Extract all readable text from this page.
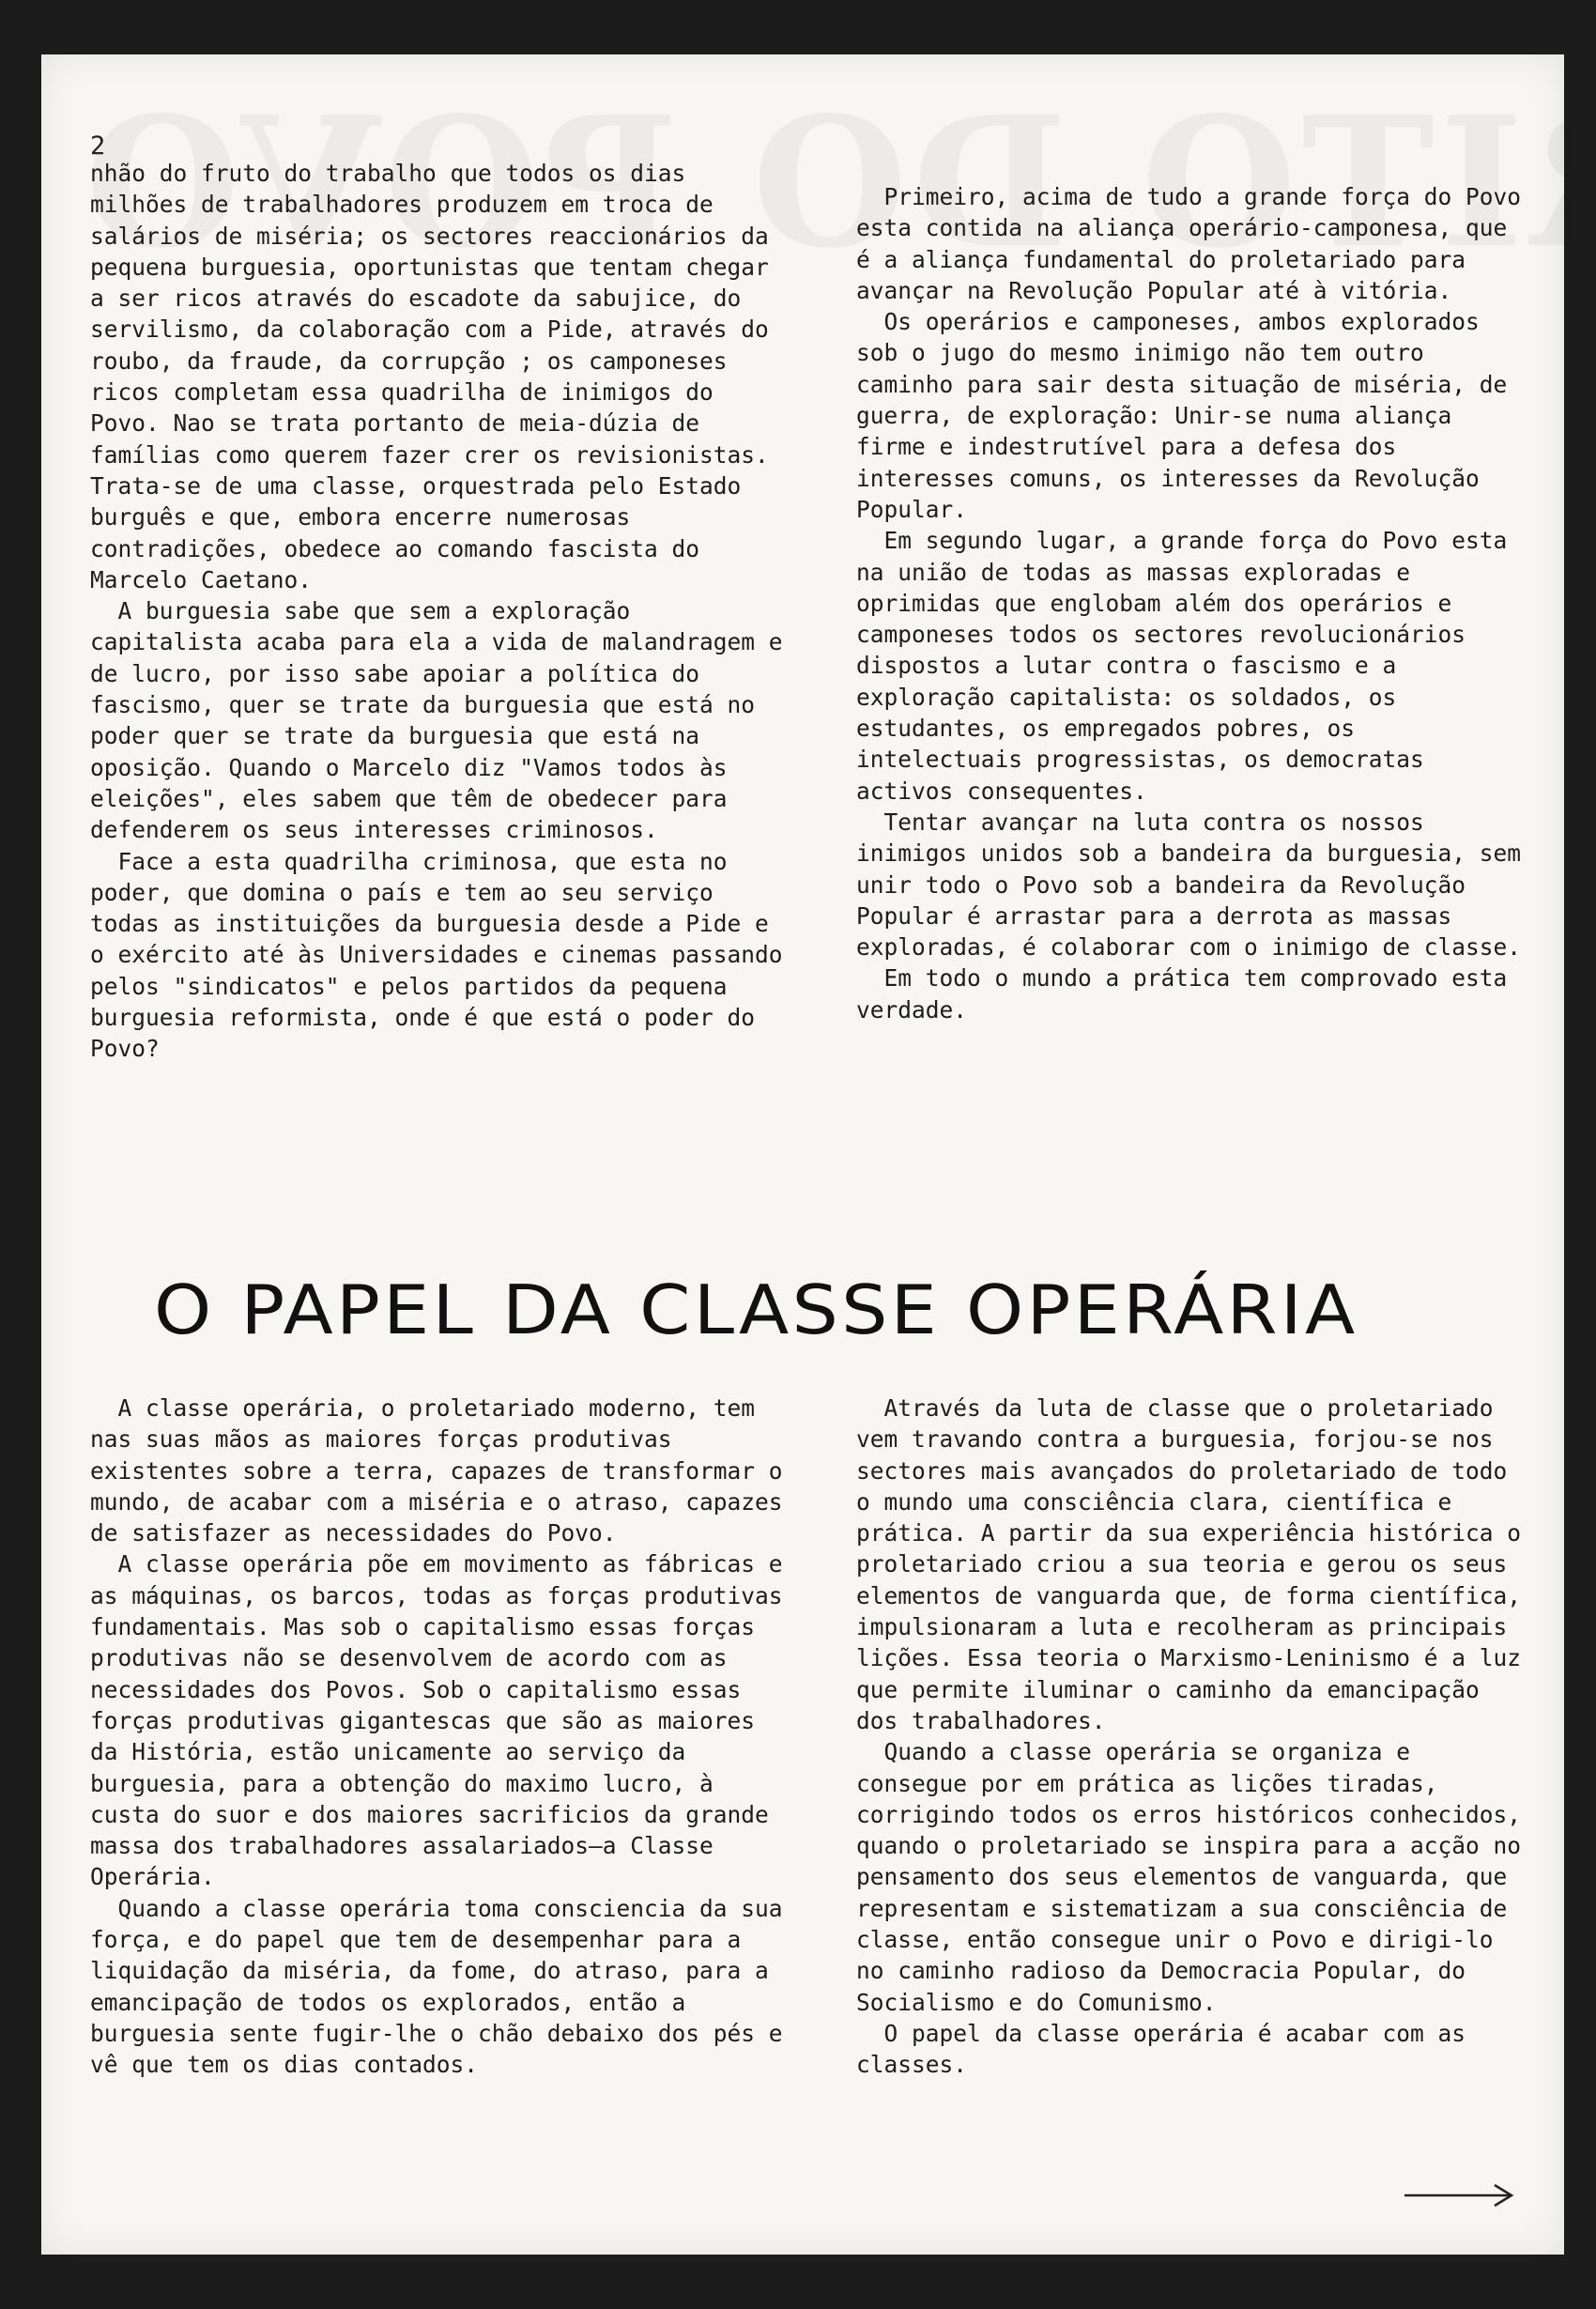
2

nhão do fruto do trabalho que todos os dias milhões de trabalhadores produzem em troca de salários de miséria; os sectores reaccionários da pequena burguesia, oportunistas que tentam chegar a ser ricos através do escadote da sabujice, do servilismo, da colaboração com a Pide, através do roubo, da fraude, da corrupção ; os camponeses ricos completam essa quadrilha de inimigos do Povo. Nao se trata portanto de meia-dúzia de famílias como querem fazer crer os revisionistas. Trata-se de uma classe, orquestrada pelo Estado burguês e que, embora encerre numerosas contradições, obedece ao comando fascista do Marcelo Caetano.

A burguesia sabe que sem a exploração capitalista acaba para ela a vida de malandragem e de lucro, por isso sabe apoiar a política do fascismo, quer se trate da burguesia que está no poder quer se trate da burguesia que está na oposição. Quando o Marcelo diz "Vamos todos às eleições", eles sabem que têm de obedecer para defenderem os seus interesses criminosos.

Face a esta quadrilha criminosa, que esta no poder, que domina o país e tem ao seu serviço todas as instituições da burguesia desde a Pide e o exército até às Universidades e cinemas passando pelos "sindicatos" e pelos partidos da pequena burguesia reformista, onde é que está o poder do Povo?

Primeiro, acima de tudo a grande força do Povo esta contida na aliança operário-camponesa, que é a aliança fundamental do proletariado para avançar na Revolução Popular até à vitória.

Os operários e camponeses, ambos explorados sob o jugo do mesmo inimigo não tem outro caminho para sair desta situação de miséria, de guerra, de exploração: Unir-se numa aliança firme e indestrutível para a defesa dos interesses comuns, os interesses da Revolução Popular.

Em segundo lugar, a grande força do Povo esta na união de todas as massas exploradas e oprimidas que englobam além dos operários e camponeses todos os sectores revolucionários dispostos a lutar contra o fascismo e a exploração capitalista: os soldados, os estudantes, os empregados pobres, os intelectuais progressistas, os democratas activos consequentes.

Tentar avançar na luta contra os nossos inimigos unidos sob a bandeira da burguesia, sem unir todo o Povo sob a bandeira da Revolução Popular é arrastar para a derrota as massas exploradas, é colaborar com o inimigo de classe.

Em todo o mundo a prática tem comprovado esta verdade.

O PAPEL DA CLASSE OPERÁRIA

A classe operária, o proletariado moderno, tem nas suas mãos as maiores forças produtivas existentes sobre a terra, capazes de transformar o mundo, de acabar com a miséria e o atraso, capazes de satisfazer as necessidades do Povo.

A classe operária põe em movimento as fábricas e as máquinas, os barcos, todas as forças produtivas fundamentais. Mas sob o capitalismo essas forças produtivas não se desenvolvem de acordo com as necessidades dos Povos. Sob o capitalismo essas forças produtivas gigantescas que são as maiores da História, estão unicamente ao serviço da burguesia, para a obtenção do maximo lucro, à custa do suor e dos maiores sacrificios da grande massa dos trabalhadores assalariados—a Classe Operária.

Quando a classe operária toma consciencia da sua força, e do papel que tem de desempenhar para a liquidação da miséria, da fome, do atraso, para a emancipação de todos os explorados, então a burguesia sente fugir-lhe o chão debaixo dos pés e vê que tem os dias contados.

Através da luta de classe que o proletariado vem travando contra a burguesia, forjou-se nos sectores mais avançados do proletariado de todo o mundo uma consciência clara, científica e prática. A partir da sua experiência histórica o proletariado criou a sua teoria e gerou os seus elementos de vanguarda que, de forma científica, impulsionaram a luta e recolheram as principais lições. Essa teoria o Marxismo-Leninismo é a luz que permite iluminar o caminho da emancipação dos trabalhadores.

Quando a classe operária se organiza e consegue por em prática as lições tiradas, corrigindo todos os erros históricos conhecidos, quando o proletariado se inspira para a acção no pensamento dos seus elementos de vanguarda, que representam e sistematizam a sua consciência de classe, então consegue unir o Povo e dirigi-lo no caminho radioso da Democracia Popular, do Socialismo e do Comunismo.

O papel da classe operária é acabar com as classes.
